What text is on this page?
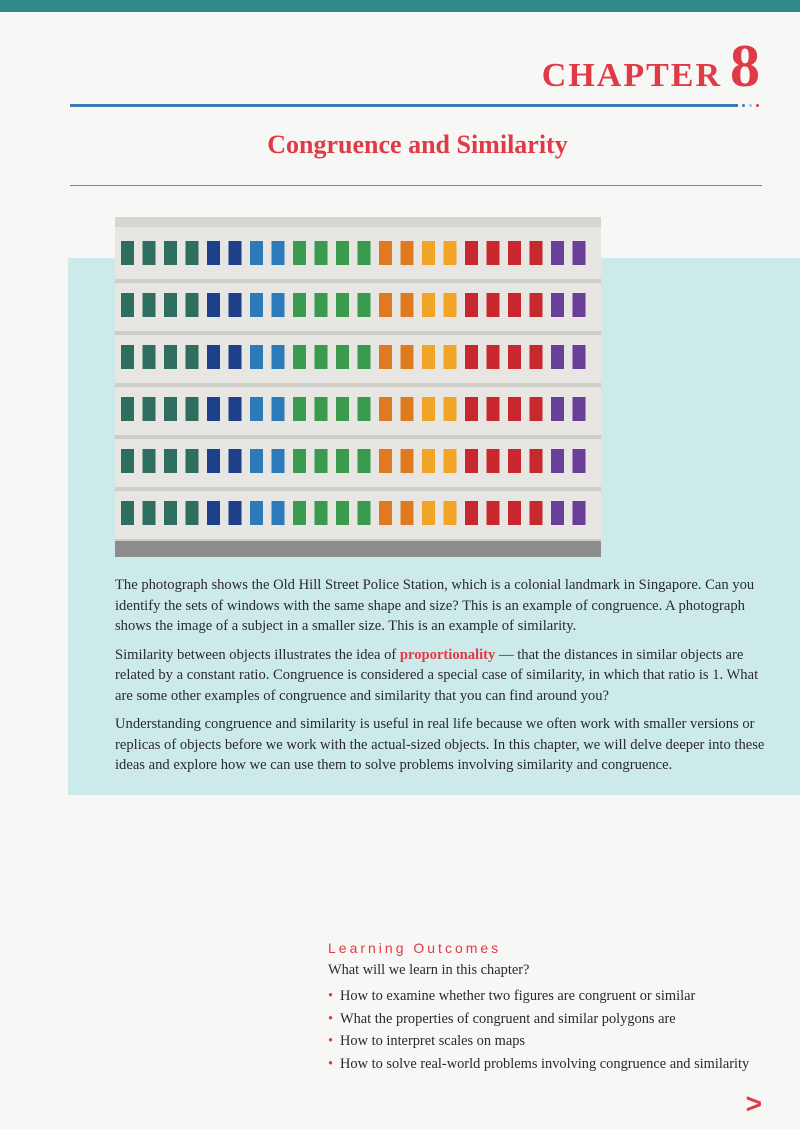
CHAPTER 8
Congruence and Similarity

The photograph shows the Old Hill Street Police Station, which is a colonial landmark in Singapore. Can you identify the sets of windows with the same shape and size? This is an example of congruence. A photograph shows the image of a subject in a smaller size. This is an example of similarity.

Similarity between objects illustrates the idea of proportionality — that the distances in similar objects are related by a constant ratio. Congruence is considered a special case of similarity, in which that ratio is 1. What are some other examples of congruence and similarity that you can find around you?

Understanding congruence and similarity is useful in real life because we often work with smaller versions or replicas of objects before we work with the actual-sized objects. In this chapter, we will delve deeper into these ideas and explore how we can use them to solve problems involving similarity and congruence.

Learning Outcomes
What will we learn in this chapter?
• How to examine whether two figures are congruent or similar
• What the properties of congruent and similar polygons are
• How to interpret scales on maps
• How to solve real-world problems involving congruence and similarity
>
